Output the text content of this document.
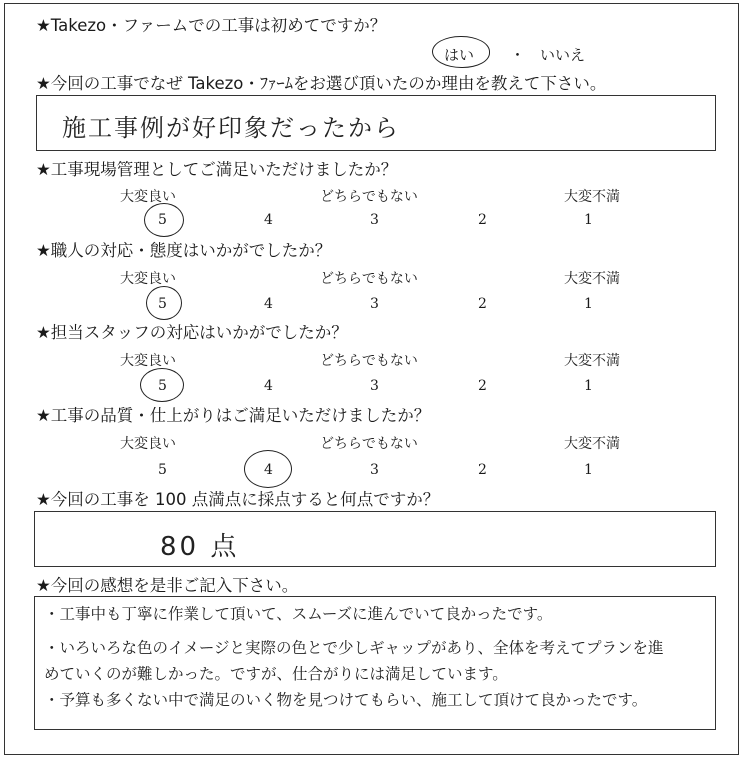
★Takezo・ファームでの工事は初めてですか？
はい ・ いいえ
★今回の工事でなぜ Takezo・ﾌｧｰﾑをお選び頂いたのか理由を教えて下さい。
施工事例が好印象だったから
★工事現場管理としてご満足いただけましたか？
大変良い	どちらでもない	大変不満
5	4	3	2	1
★職人の対応・態度はいかがでしたか？
大変良い	どちらでもない	大変不満
5	4	3	2	1
★担当スタッフの対応はいかがでしたか？
大変良い	どちらでもない	大変不満
5	4	3	2	1
★工事の品質・仕上がりはご満足いただけましたか？
大変良い	どちらでもない	大変不満
5	4	3	2	1
★今回の工事を 100 点満点に採点すると何点ですか？
80 点
★今回の感想を是非ご記入下さい。
・工事中も丁寧に作業して頂いて、スムーズに進んでいて良かったです。
・いろいろな色のイメージと実際の色とで少しギャップがあり、全体を考えてプランを進
めていくのが難しかった。ですが、仕合がりには満足しています。
・予算も多くない中で満足のいく物を見つけてもらい、施工して頂けて良かったです。
